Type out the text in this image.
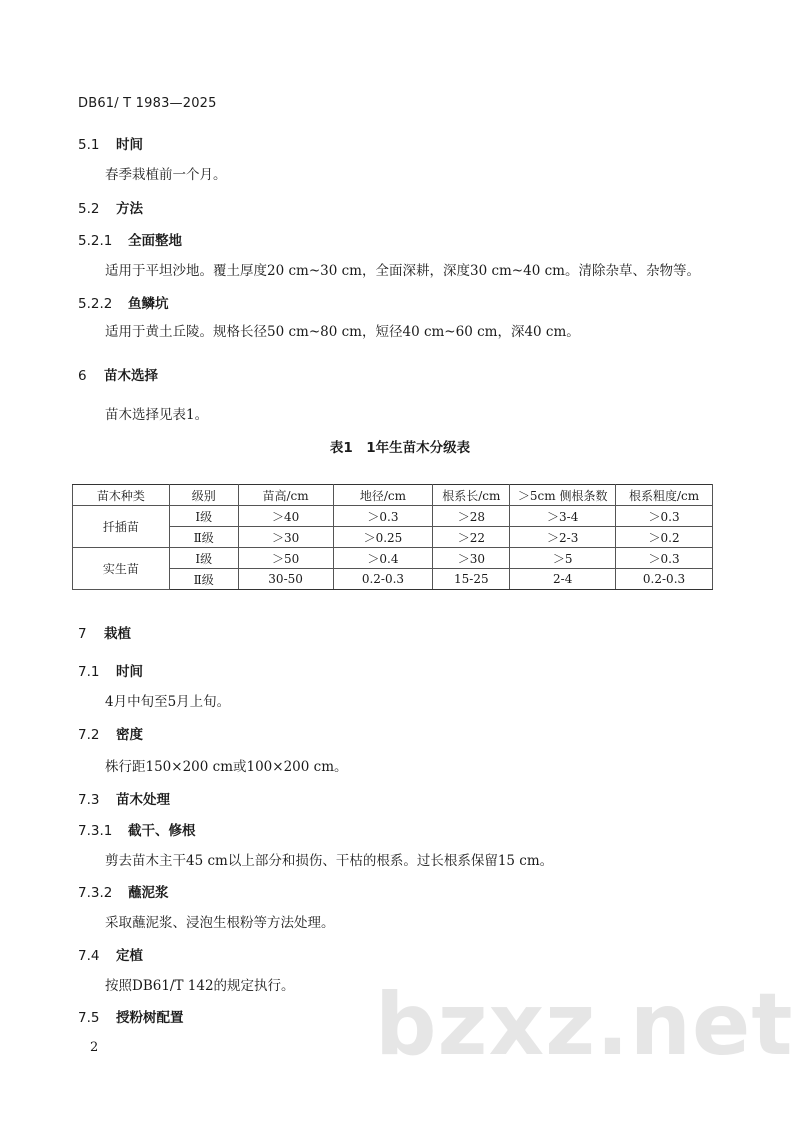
DB61/ T 1983—2025
5.1 时间
春季栽植前一个月。
5.2 方法
5.2.1 全面整地
适用于平坦沙地。覆土厚度20 cm~30 cm，全面深耕，深度30 cm~40 cm。清除杂草、杂物等。
5.2.2 鱼鳞坑
适用于黄土丘陵。规格长径50 cm~80 cm，短径40 cm~60 cm，深40 cm。
6 苗木选择
苗木选择见表1。
表1　1年生苗木分级表
苗木种类	级别	苗高/cm	地径/cm	根系长/cm	＞5cm 侧根条数	根系粗度/cm
扦插苗	Ⅰ级	＞40	＞0.3	＞28	＞3-4	＞0.3
	Ⅱ级	＞30	＞0.25	＞22	＞2-3	＞0.2
实生苗	Ⅰ级	＞50	＞0.4	＞30	＞5	＞0.3
	Ⅱ级	30-50	0.2-0.3	15-25	2-4	0.2-0.3
7 栽植
7.1 时间
4月中旬至5月上旬。
7.2 密度
株行距150×200 cm或100×200 cm。
7.3 苗木处理
7.3.1 截干、修根
剪去苗木主干45 cm以上部分和损伤、干枯的根系。过长根系保留15 cm。
7.3.2 蘸泥浆
采取蘸泥浆、浸泡生根粉等方法处理。
7.4 定植
按照DB61/T 142的规定执行。
7.5 授粉树配置 bzxz.net
2
